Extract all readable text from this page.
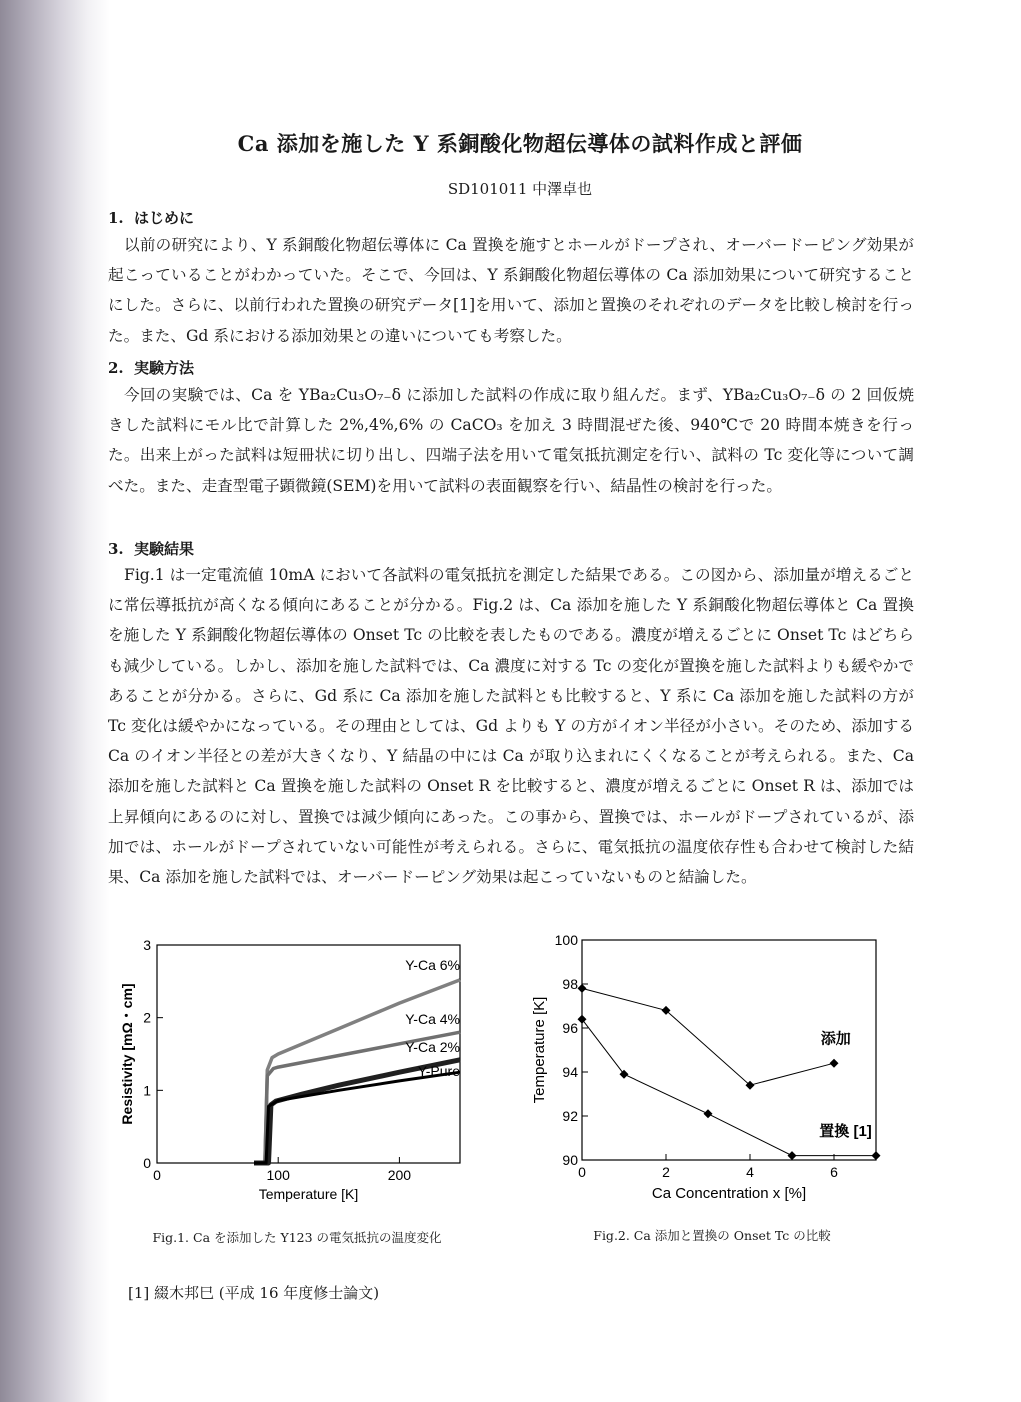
Ca 添加を施した Y 系銅酸化物超伝導体の試料作成と評価
SD101011 中澤卓也
1. はじめに

以前の研究により、Y 系銅酸化物超伝導体に Ca 置換を施すとホールがドープされ、オーバードーピング効果が起こっていることがわかっていた。そこで、今回は、Y 系銅酸化物超伝導体の Ca 添加効果について研究することにした。さらに、以前行われた置換の研究データ[1]を用いて、添加と置換のそれぞれのデータを比較し検討を行った。また、Gd 系における添加効果との違いについても考察した。

2. 実験方法

今回の実験では、Ca を YBa₂Cu₃O₇₋δ に添加した試料の作成に取り組んだ。まず、YBa₂Cu₃O₇₋δ の 2 回仮焼きした試料にモル比で計算した 2%,4%,6% の CaCO₃ を加え 3 時間混ぜた後、940℃で 20 時間本焼きを行った。出来上がった試料は短冊状に切り出し、四端子法を用いて電気抵抗測定を行い、試料の Tc 変化等について調べた。また、走査型電子顕微鏡(SEM)を用いて試料の表面観察を行い、結晶性の検討を行った。

3. 実験結果

Fig.1 は一定電流値 10mA において各試料の電気抵抗を測定した結果である。この図から、添加量が増えるごとに常伝導抵抗が高くなる傾向にあることが分かる。Fig.2 は、Ca 添加を施した Y 系銅酸化物超伝導体と Ca 置換を施した Y 系銅酸化物超伝導体の Onset Tc の比較を表したものである。濃度が増えるごとに Onset Tc はどちらも減少している。しかし、添加を施した試料では、Ca 濃度に対する Tc の変化が置換を施した試料よりも緩やかであることが分かる。さらに、Gd 系に Ca 添加を施した試料とも比較すると、Y 系に Ca 添加を施した試料の方が Tc 変化は緩やかになっている。その理由としては、Gd よりも Y の方がイオン半径が小さい。そのため、添加する Ca のイオン半径との差が大きくなり、Y 結晶の中には Ca が取り込まれにくくなることが考えられる。また、Ca 添加を施した試料と Ca 置換を施した試料の Onset R を比較すると、濃度が増えるごとに Onset R は、添加では上昇傾向にあるのに対し、置換では減少傾向にあった。この事から、置換では、ホールがドープされているが、添加では、ホールがドープされていない可能性が考えられる。さらに、電気抵抗の温度依存性も合わせて検討した結果、Ca 添加を施した試料では、オーバードーピング効果は起こっていないものと結論した。

0	100	200
0
1
2
3
Y-Ca 6%
Y-Ca 4%
Y-Ca 2%
Y-Pure
Temperature [K]
Resistivity [mΩ・cm]
Fig.1. Ca を添加した Y123 の電気抵抗の温度変化
0	2	4	6
90
92
94
96
98
100
添加
置換 [1]
Ca Concentration x [%]
Temperature [K]
Fig.2. Ca 添加と置換の Onset Tc の比較
[1] 綴木邦巳 (平成 16 年度修士論文)
